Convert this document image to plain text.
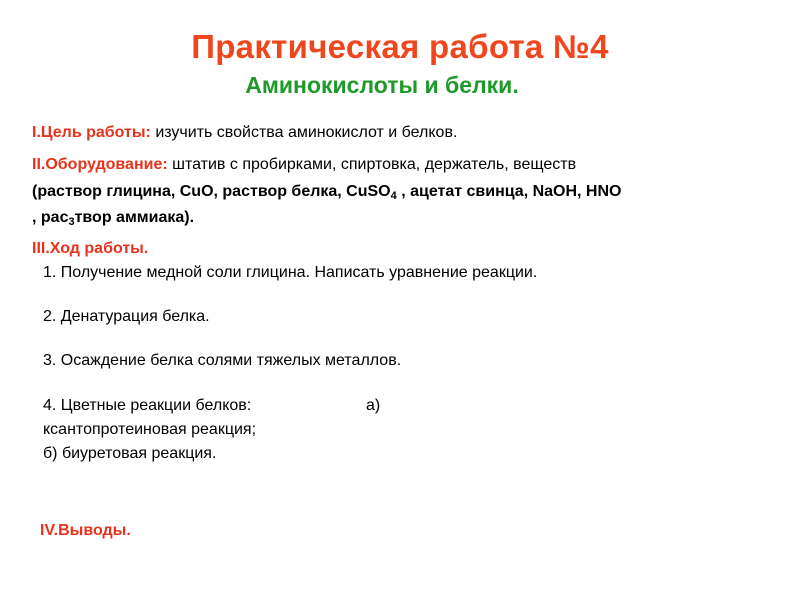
Практическая работа №4
Аминокислоты и белки.
I.Цель работы: изучить свойства аминокислот и белков.
II.Оборудование: штатив с пробирками, спиртовка, держатель, веществ
(раствор глицина, CuO, раствор белка, CuSO$_4$ , ацетат свинца, NaOH, HNO
, рас$_3$твор аммиака).
III.Ход работы.
1. Получение медной соли глицина. Написать уравнение реакции.
2. Денатурация белка.
3. Осаждение белка солями тяжелых металлов.
4. Цветные реакции белков:	а)
ксантопротеиновая реакция;
б) биуретовая реакция.
IV.Выводы.
